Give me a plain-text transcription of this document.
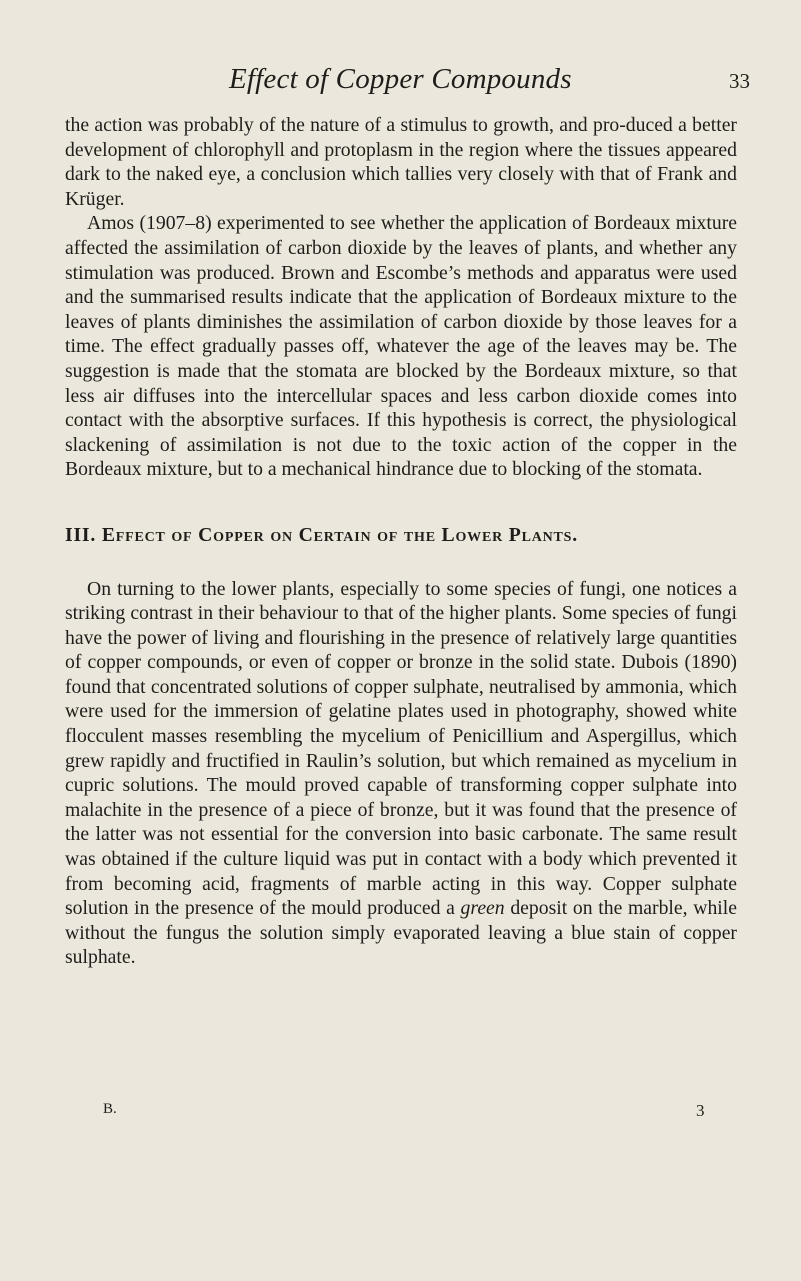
Effect of Copper Compounds	33

the action was probably of the nature of a stimulus to growth, and pro-duced a better development of chlorophyll and protoplasm in the region where the tissues appeared dark to the naked eye, a conclusion which tallies very closely with that of Frank and Krüger.

Amos (1907–8) experimented to see whether the application of Bordeaux mixture affected the assimilation of carbon dioxide by the leaves of plants, and whether any stimulation was produced. Brown and Escombe’s methods and apparatus were used and the summarised results indicate that the application of Bordeaux mixture to the leaves of plants diminishes the assimilation of carbon dioxide by those leaves for a time. The effect gradually passes off, whatever the age of the leaves may be. The suggestion is made that the stomata are blocked by the Bordeaux mixture, so that less air diffuses into the intercellular spaces and less carbon dioxide comes into contact with the absorptive surfaces. If this hypothesis is correct, the physiological slackening of assimilation is not due to the toxic action of the copper in the Bordeaux mixture, but to a mechanical hindrance due to blocking of the stomata.

III. Effect of Copper on Certain of the Lower Plants.

On turning to the lower plants, especially to some species of fungi, one notices a striking contrast in their behaviour to that of the higher plants. Some species of fungi have the power of living and flourishing in the presence of relatively large quantities of copper compounds, or even of copper or bronze in the solid state. Dubois (1890) found that concentrated solutions of copper sulphate, neutralised by ammonia, which were used for the immersion of gelatine plates used in photography, showed white flocculent masses resembling the mycelium of Penicillium and Aspergillus, which grew rapidly and fructified in Raulin’s solution, but which remained as mycelium in cupric solutions. The mould proved capable of transforming copper sulphate into malachite in the presence of a piece of bronze, but it was found that the presence of the latter was not essential for the conversion into basic carbonate. The same result was obtained if the culture liquid was put in contact with a body which prevented it from becoming acid, fragments of marble acting in this way. Copper sulphate solution in the presence of the mould produced a green deposit on the marble, while without the fungus the solution simply evaporated leaving a blue stain of copper sulphate.

B.	3
